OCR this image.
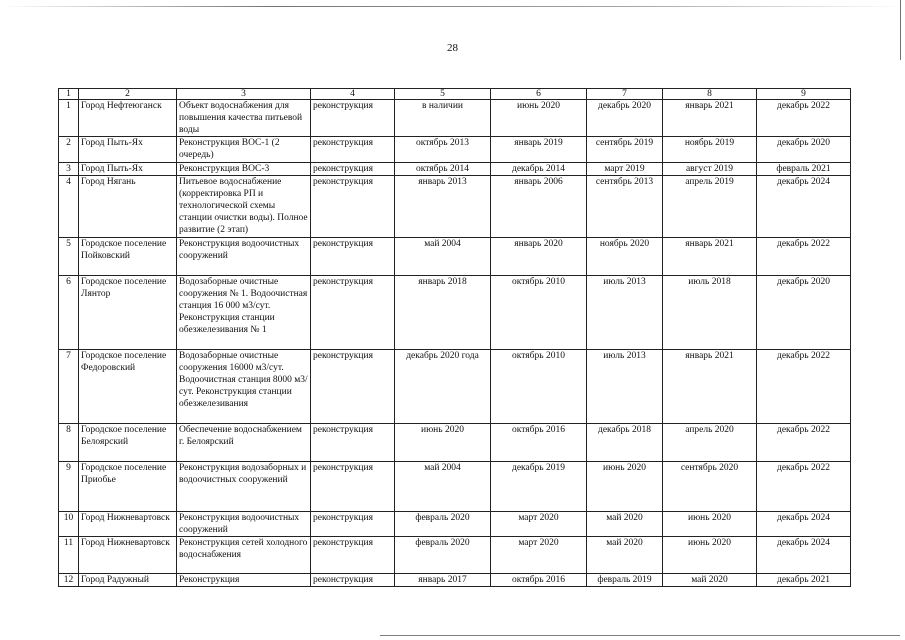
28
1	2	3	4	5	6	7	8	9
1	Город Нефтеюганск	Объект водоснабжения для повышения качества питьевой воды	реконструкция	в наличии	июнь 2020	декабрь 2020	январь 2021	декабрь 2022
2	Город Пыть-Ях	Реконструкция ВОС-1 (2 очередь)	реконструкция	октябрь 2013	январь 2019	сентябрь 2019	ноябрь 2019	декабрь 2020
3	Город Пыть-Ях	Реконструкция ВОС-3	реконструкция	октябрь 2014	декабрь 2014	март 2019	август 2019	февраль 2021
4	Город Нягань	Питьевое водоснабжение (корректировка РП и технологической схемы станции очистки воды). Полное развитие (2 этап)	реконструкция	январь 2013	январь 2006	сентябрь 2013	апрель 2019	декабрь 2024
5	Городское поселение Пойковский	Реконструкция водоочистных сооружений	реконструкция	май 2004	январь 2020	ноябрь 2020	январь 2021	декабрь 2022
6	Городское поселение Лянтор	Водозаборные очистные сооружения № 1. Водоочистная станция 16 000 м3/сут. Реконструкция станции обезжелезивания № 1	реконструкция	январь 2018	октябрь 2010	июль 2013	июль 2018	декабрь 2020
7	Городское поселение Федоровский	Водозаборные очистные сооружения 16000 м3/сут. Водоочистная станция 8000 м3/сут. Реконструкция станции обезжелезивания	реконструкция	декабрь 2020 года	октябрь 2010	июль 2013	январь 2021	декабрь 2022
8	Городское поселение Белоярский	Обеспечение водоснабжением г. Белоярский	реконструкция	июнь 2020	октябрь 2016	декабрь 2018	апрель 2020	декабрь 2022
9	Городское поселение Приобье	Реконструкция водозаборных и водоочистных сооружений	реконструкция	май 2004	декабрь 2019	июнь 2020	сентябрь 2020	декабрь 2022
10	Город Нижневартовск	Реконструкция водоочистных сооружений	реконструкция	февраль 2020	март 2020	май 2020	июнь 2020	декабрь 2024
11	Город Нижневартовск	Реконструкция сетей холодного водоснабжения	реконструкция	февраль 2020	март 2020	май 2020	июнь 2020	декабрь 2024
12	Город Радужный	Реконструкция	реконструкция	январь 2017	октябрь 2016	февраль 2019	май 2020	декабрь 2021
